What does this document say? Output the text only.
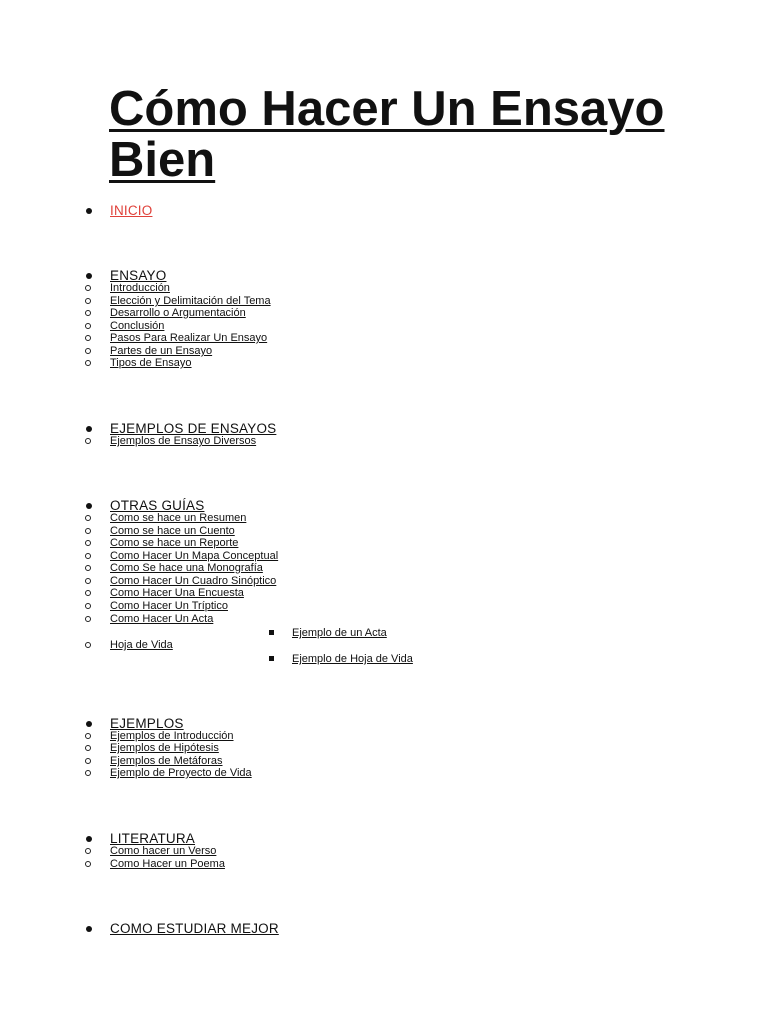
Cómo Hacer Un Ensayo Bien
INICIO
ENSAYO
Introducción
Elección y Delimitación del Tema
Desarrollo o Argumentación
Conclusión
Pasos Para Realizar Un Ensayo
Partes de un Ensayo
Tipos de Ensayo
EJEMPLOS DE ENSAYOS
Ejemplos de Ensayo Diversos
OTRAS GUÍAS
Como se hace un Resumen
Como se hace un Cuento
Como se hace un Reporte
Como Hacer Un Mapa Conceptual
Como Se hace una Monografía
Como Hacer Un Cuadro Sinóptico
Como Hacer Una Encuesta
Como Hacer Un Tríptico
Como Hacer Un Acta
Ejemplo de un Acta
Hoja de Vida
Ejemplo de Hoja de Vida
EJEMPLOS
Ejemplos de Introducción
Ejemplos de Hipótesis
Ejemplos de Metáforas
Ejemplo de Proyecto de Vida
LITERATURA
Como hacer un Verso
Como Hacer un Poema
COMO ESTUDIAR MEJOR
